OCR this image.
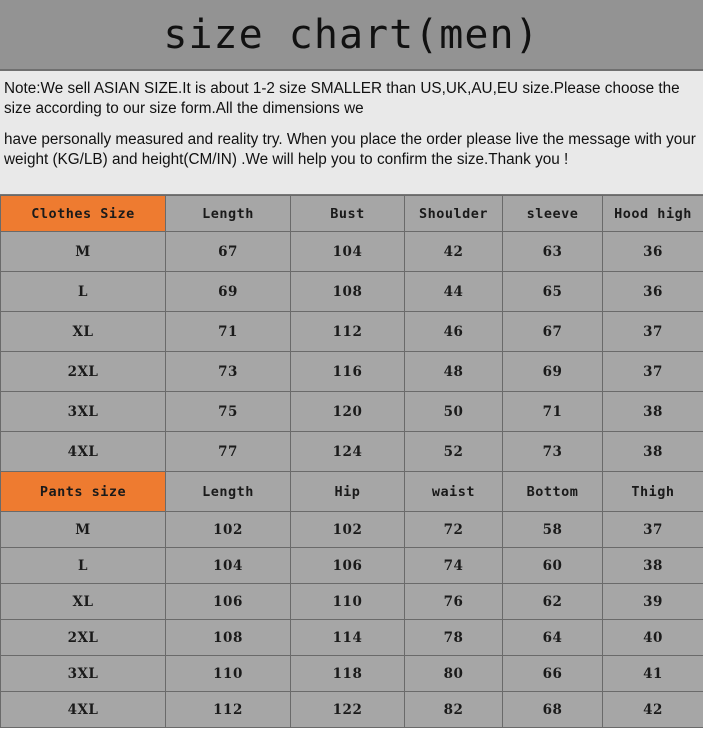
size chart(men)

Note:We sell ASIAN SIZE.It is about 1-2 size SMALLER than US,UK,AU,EU size.Please choose the size according to our size form.All the dimensions we

have personally measured and reality try. When you place the order please live the message with your weight (KG/LB) and height(CM/IN) .We will help you to confirm the size.Thank you !

Clothes Size	Length	Bust	Shoulder	sleeve	Hood high
M	67	104	42	63	36
L	69	108	44	65	36
XL	71	112	46	67	37
2XL	73	116	48	69	37
3XL	75	120	50	71	38
4XL	77	124	52	73	38
Pants size	Length	Hip	waist	Bottom	Thigh
M	102	102	72	58	37
L	104	106	74	60	38
XL	106	110	76	62	39
2XL	108	114	78	64	40
3XL	110	118	80	66	41
4XL	112	122	82	68	42
